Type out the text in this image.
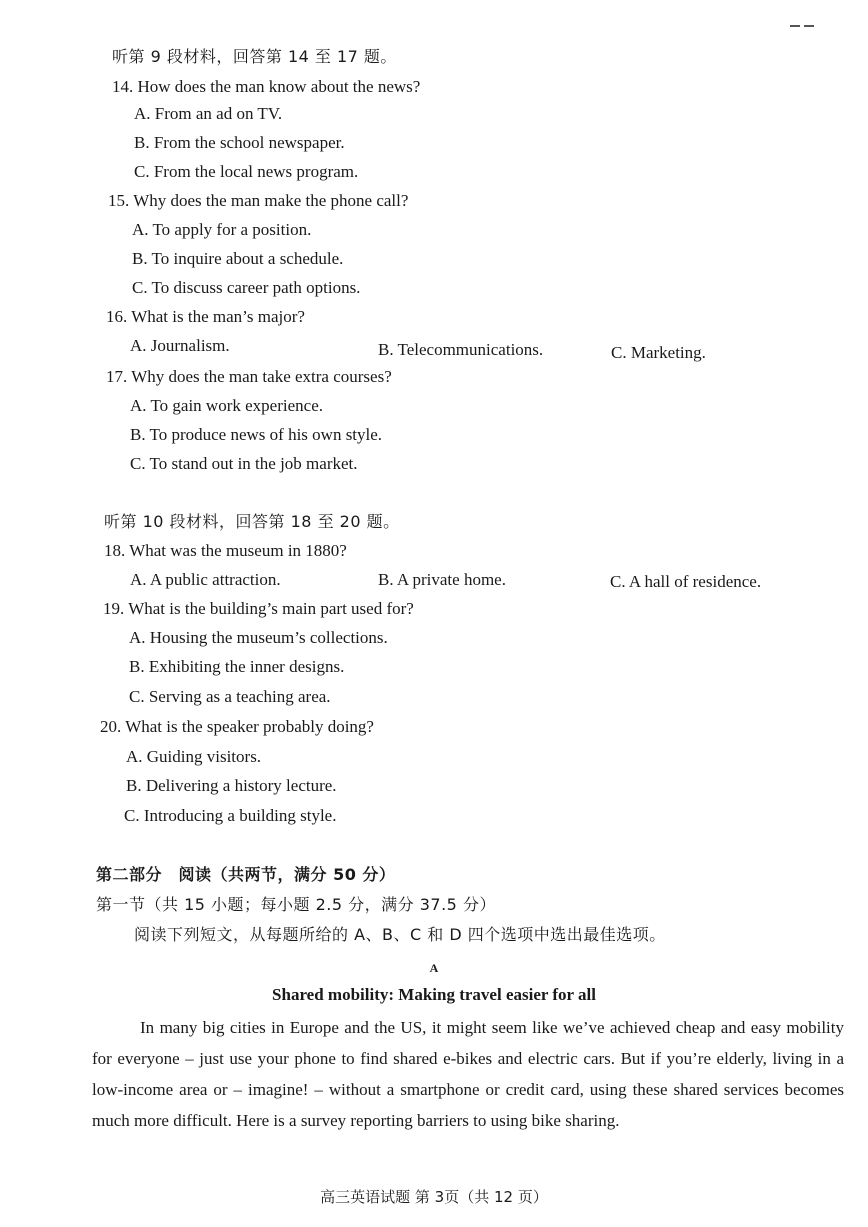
听第 9 段材料，回答第 14 至 17 题。
14. How does the man know about the news?
A. From an ad on TV.
B. From the school newspaper.
C. From the local news program.
15. Why does the man make the phone call?
A. To apply for a position.
B. To inquire about a schedule.
C. To discuss career path options.
16. What is the man’s major?
A. Journalism.	B. Telecommunications.	C. Marketing.
17. Why does the man take extra courses?
A. To gain work experience.
B. To produce news of his own style.
C. To stand out in the job market.
听第 10 段材料，回答第 18 至 20 题。
18. What was the museum in 1880?
A. A public attraction.	B. A private home.	C. A hall of residence.
19. What is the building’s main part used for?
A. Housing the museum’s collections.
B. Exhibiting the inner designs.
C. Serving as a teaching area.
20. What is the speaker probably doing?
A. Guiding visitors.
B. Delivering a history lecture.
C. Introducing a building style.
第二部分　阅读（共两节，满分 50 分）
第一节（共 15 小题；每小题 2.5 分，满分 37.5 分）
阅读下列短文，从每题所给的 A、B、C 和 D 四个选项中选出最佳选项。
A
Shared mobility: Making travel easier for all

In many big cities in Europe and the US, it might seem like we’ve achieved cheap and easy mobility for everyone – just use your phone to find shared e-bikes and electric cars. But if you’re elderly, living in a low-income area or – imagine! – without a smartphone or credit card, using these shared services becomes much more difficult. Here is a survey reporting barriers to using bike sharing.

高三英语试题 第 3页（共 12 页）
